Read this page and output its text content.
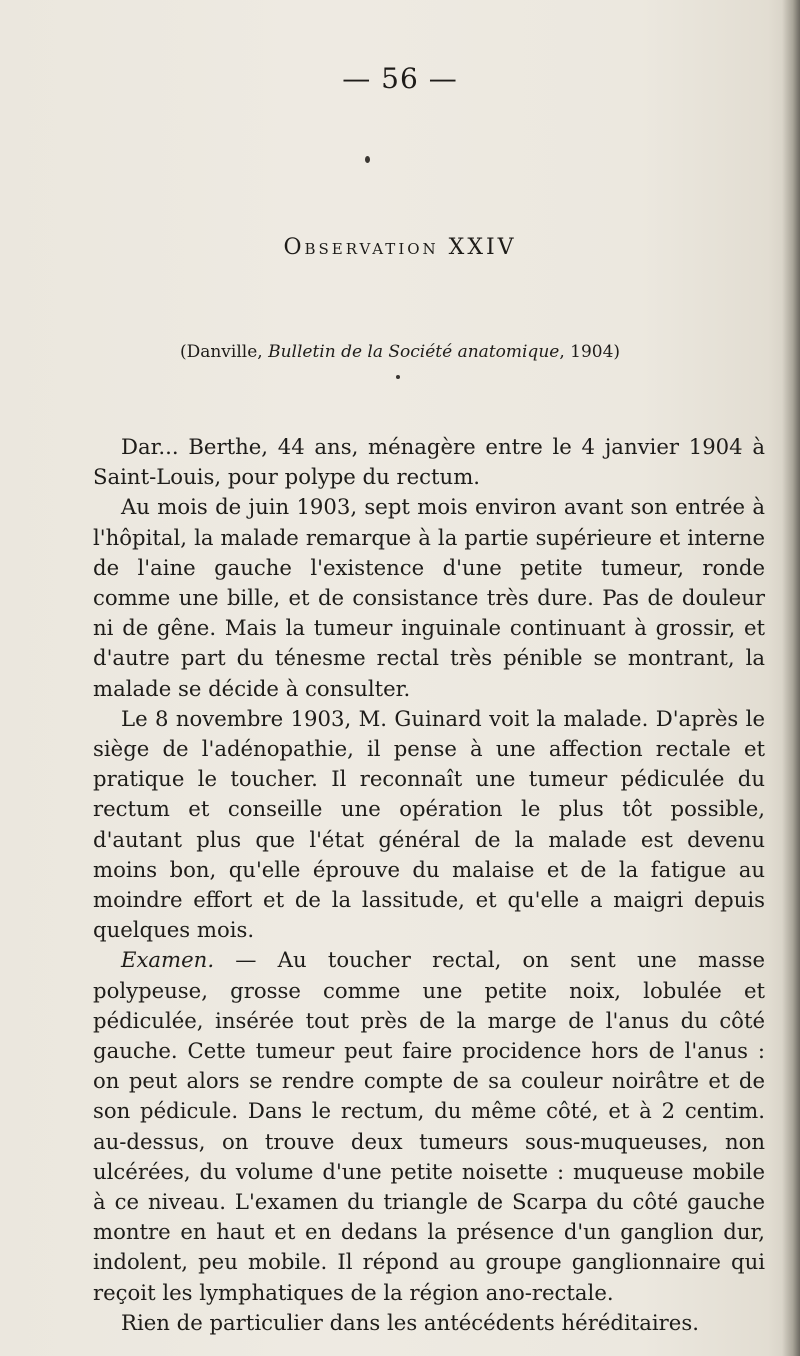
— 56 —
Observation XXIV
(Danville, Bulletin de la Société anatomique, 1904)

Dar... Berthe, 44 ans, ménagère entre le 4 janvier 1904 à Saint-Louis, pour polype du rectum.

Au mois de juin 1903, sept mois environ avant son entrée à l'hôpital, la malade remarque à la partie supérieure et interne de l'aine gauche l'existence d'une petite tumeur, ronde comme une bille, et de consistance très dure. Pas de douleur ni de gêne. Mais la tumeur inguinale continuant à grossir, et d'autre part du ténesme rectal très pénible se montrant, la malade se décide à consulter.

Le 8 novembre 1903, M. Guinard voit la malade. D'après le siège de l'adénopathie, il pense à une affection rectale et pratique le toucher. Il reconnaît une tumeur pédiculée du rectum et conseille une opération le plus tôt possible, d'autant plus que l'état général de la malade est devenu moins bon, qu'elle éprouve du malaise et de la fatigue au moindre effort et de la lassitude, et qu'elle a maigri depuis quelques mois.

Examen. — Au toucher rectal, on sent une masse polypeuse, grosse comme une petite noix, lobulée et pédiculée, insérée tout près de la marge de l'anus du côté gauche. Cette tumeur peut faire procidence hors de l'anus : on peut alors se rendre compte de sa couleur noirâtre et de son pédicule. Dans le rectum, du même côté, et à 2 centim. au-dessus, on trouve deux tumeurs sous-muqueuses, non ulcérées, du volume d'une petite noisette : muqueuse mobile à ce niveau. L'examen du triangle de Scarpa du côté gauche montre en haut et en dedans la présence d'un ganglion dur, indolent, peu mobile. Il répond au groupe ganglionnaire qui reçoit les lymphatiques de la région ano-rectale.

Rien de particulier dans les antécédents héréditaires.
